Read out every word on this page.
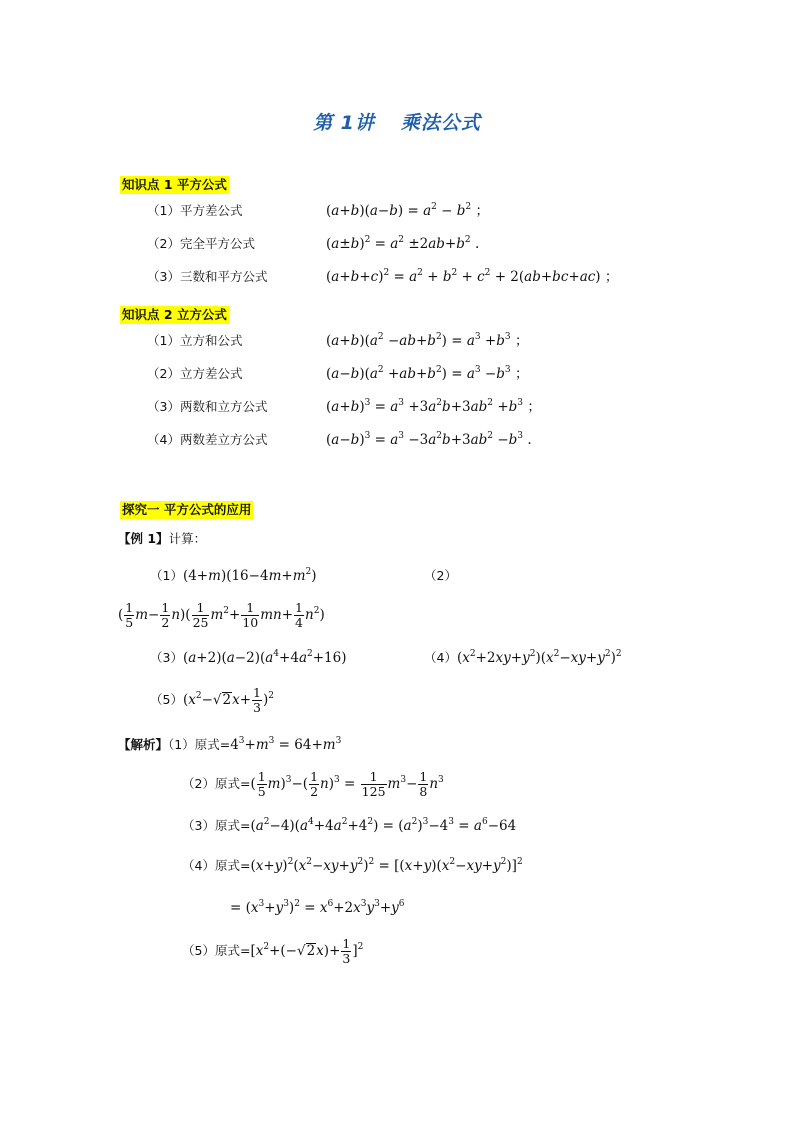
第 1讲 乘法公式
知识点 1 平方公式
（1）平方差公式	$(a+b)(a-b) = a^2 - b^2$ ；
（2）完全平方公式	$(a\pm b)^2 = a^2 \pm 2ab+b^2$ .
（3）三数和平方公式	$(a+b+c)^2 = a^2 + b^2 + c^2 + 2(ab+bc+ac)$ ；
知识点 2 立方公式
（1）立方和公式	$(a+b)(a^2 -ab+b^2) = a^3 +b^3$ ；
（2）立方差公式	$(a-b)(a^2 +ab+b^2) = a^3 -b^3$ ；
（3）两数和立方公式	$(a+b)^3 = a^3 +3a^2b+3ab^2 +b^3$ ；
（4）两数差立方公式	$(a-b)^3 = a^3 -3a^2b+3ab^2 -b^3$ .
探究一 平方公式的应用
【例 1】计算：
$(1)(4+m)(16-4m+m^2)$	（2）
( $\frac{1}{5} m- \frac{1}{2} n)( \frac{1}{25} m^2+ \frac{1}{10} mn+ \frac{1}{4} n^2)$
$(3)(a+2)(a-2)(a^4+4a^2+16)$	$(4)(x^2+2xy+y^2)(x^2-xy+y^2)^2$
$(5)(x^2-√2x+ \frac{1}{3} )^2$
【解析】（1）原式$=4^3+m^3 = 64+m^3$
（2）原式=( $\frac{1}{5} m)^3-( \frac{1}{2} n)^3 = \frac{1}{125} m^3- \frac{1}{8} n^3$
（3）原式$=(a^2-4)(a^4+4a^2+4^2) = (a^2)^3-4^3 = a^6-64$
（4）原式$=(x+y)^2(x^2-xy+y^2)^2 = [(x+y)(x^2-xy+y^2)]^2$
= $(x^3+y^3)^2 = x^6+2x^3y^3+y^6$
（5）原式$=[x^2+(-√2x)+ \frac{1}{3} ]^2$
